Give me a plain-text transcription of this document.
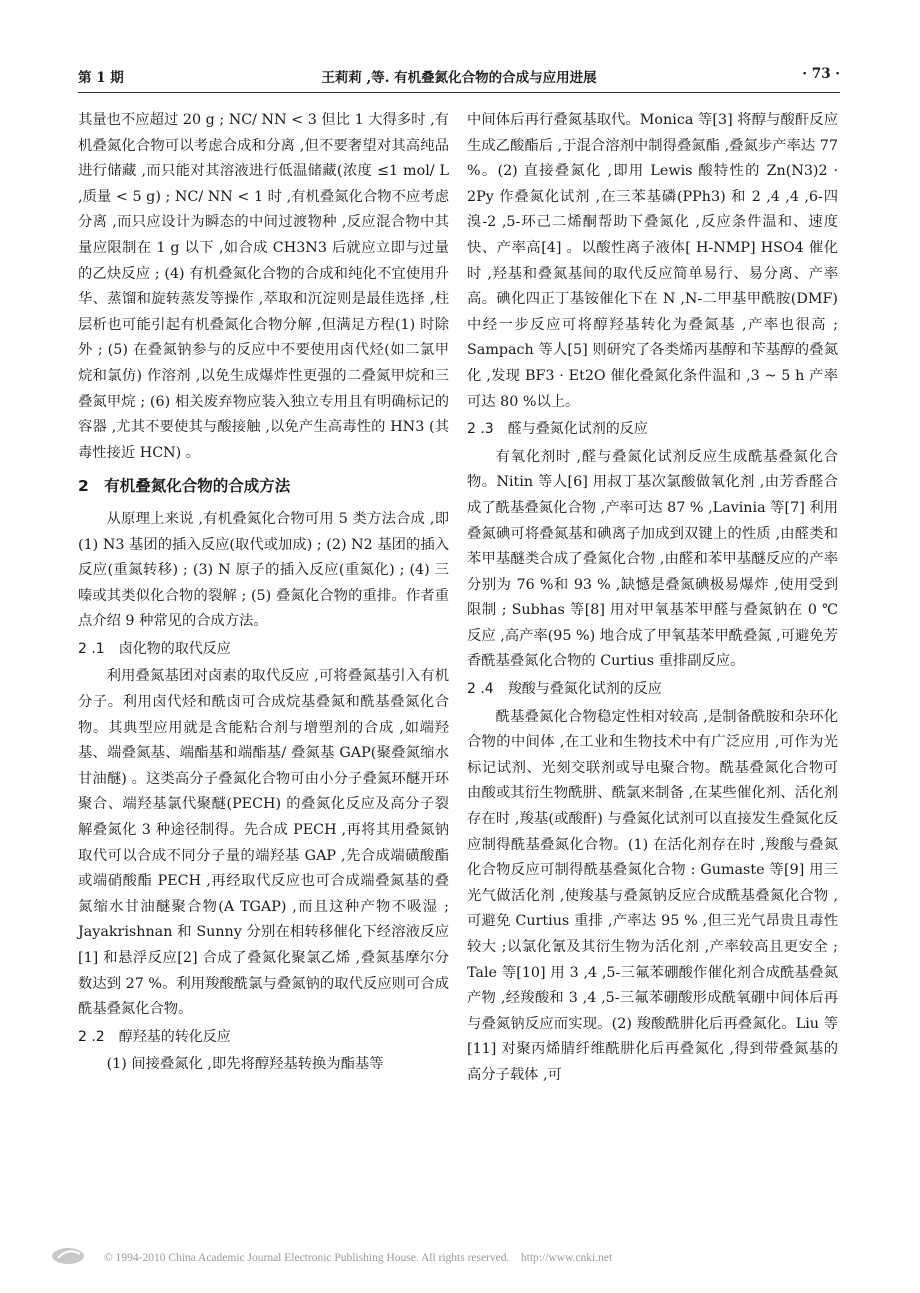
第 1 期	王莉莉 ,等. 有机叠氮化合物的合成与应用进展	· 73 ·

其量也不应超过 20 g ; NC/ NN < 3 但比 1 大得多时 ,有机叠氮化合物可以考虑合成和分离 ,但不要奢望对其高纯品进行储藏 ,而只能对其溶液进行低温储藏(浓度 ≤1 mol/ L ,质量 < 5 g) ; NC/ NN < 1 时 ,有机叠氮化合物不应考虑分离 ,而只应设计为瞬态的中间过渡物种 ,反应混合物中其量应限制在 1 g 以下 ,如合成 CH3N3 后就应立即与过量的乙炔反应 ; (4) 有机叠氮化合物的合成和纯化不宜使用升华、蒸馏和旋转蒸发等操作 ,萃取和沉淀则是最佳选择 ,柱层析也可能引起有机叠氮化合物分解 ,但满足方程(1) 时除外 ; (5) 在叠氮钠参与的反应中不要使用卤代烃(如二氯甲烷和氯仿) 作溶剂 ,以免生成爆炸性更强的二叠氮甲烷和三叠氮甲烷 ; (6) 相关废弃物应装入独立专用且有明确标记的容器 ,尤其不要使其与酸接触 ,以免产生高毒性的 HN3 (其毒性接近 HCN) 。

2　有机叠氮化合物的合成方法

从原理上来说 ,有机叠氮化合物可用 5 类方法合成 ,即(1) N3 基团的插入反应(取代或加成) ; (2) N2 基团的插入反应(重氮转移) ; (3) N 原子的插入反应(重氮化) ; (4) 三嗪或其类似化合物的裂解 ; (5) 叠氮化合物的重排。作者重点介绍 9 种常见的合成方法。

2 .1　卤化物的取代反应

利用叠氮基团对卤素的取代反应 ,可将叠氮基引入有机分子。利用卤代烃和酰卤可合成烷基叠氮和酰基叠氮化合物。其典型应用就是含能粘合剂与增塑剂的合成 ,如端羟基、端叠氮基、端酯基和端酯基/ 叠氮基 GAP(聚叠氮缩水甘油醚) 。这类高分子叠氮化合物可由小分子叠氮环醚开环聚合、端羟基氯代聚醚(PECH) 的叠氮化反应及高分子裂解叠氮化 3 种途径制得。先合成 PECH ,再将其用叠氮钠取代可以合成不同分子量的端羟基 GAP ,先合成端磺酸酯或端硝酸酯 PECH ,再经取代反应也可合成端叠氮基的叠氮缩水甘油醚聚合物(A TGAP) ,而且这种产物不吸湿 ; Jayakrishnan 和 Sunny 分别在相转移催化下经溶液反应[1] 和悬浮反应[2] 合成了叠氮化聚氯乙烯 ,叠氮基摩尔分数达到 27 %。利用羧酸酰氯与叠氮钠的取代反应则可合成酰基叠氮化合物。

2 .2　醇羟基的转化反应

(1) 间接叠氮化 ,即先将醇羟基转换为酯基等

中间体后再行叠氮基取代。Monica 等[3] 将醇与酸酐反应生成乙酸酯后 ,于混合溶剂中制得叠氮酯 ,叠氮步产率达 77 %。(2) 直接叠氮化 ,即用 Lewis 酸特性的 Zn(N3)2 · 2Py 作叠氮化试剂 ,在三苯基磷(PPh3) 和 2 ,4 ,4 ,6-四溴-2 ,5-环己二烯酮帮助下叠氮化 ,反应条件温和、速度快、产率高[4] 。以酸性离子液体[ H-NMP] HSO4 催化时 ,羟基和叠氮基间的取代反应简单易行、易分离、产率高。碘化四正丁基铵催化下在 N ,N-二甲基甲酰胺(DMF) 中经一步反应可将醇羟基转化为叠氮基 ,产率也很高 ; Sampach 等人[5] 则研究了各类烯丙基醇和苄基醇的叠氮化 ,发现 BF3 · Et2O 催化叠氮化条件温和 ,3 ~ 5 h 产率可达 80 %以上。

2 .3　醛与叠氮化试剂的反应

有氧化剂时 ,醛与叠氮化试剂反应生成酰基叠氮化合物。Nitin 等人[6] 用叔丁基次氯酸做氧化剂 ,由芳香醛合成了酰基叠氮化合物 ,产率可达 87 % ,Lavinia 等[7] 利用叠氮碘可将叠氮基和碘离子加成到双键上的性质 ,由醛类和苯甲基醚类合成了叠氮化合物 ,由醛和苯甲基醚反应的产率分别为 76 %和 93 % ,缺憾是叠氮碘极易爆炸 ,使用受到限制 ; Subhas 等[8] 用对甲氧基苯甲醛与叠氮钠在 0 ℃反应 ,高产率(95 %) 地合成了甲氧基苯甲酰叠氮 ,可避免芳香酰基叠氮化合物的 Curtius 重排副反应。

2 .4　羧酸与叠氮化试剂的反应

酰基叠氮化合物稳定性相对较高 ,是制备酰胺和杂环化合物的中间体 ,在工业和生物技术中有广泛应用 ,可作为光标记试剂、光刻交联剂或导电聚合物。酰基叠氮化合物可由酸或其衍生物酰肼、酰氯来制备 ,在某些催化剂、活化剂存在时 ,羧基(或酸酐) 与叠氮化试剂可以直接发生叠氮化反应制得酰基叠氮化合物。(1) 在活化剂存在时 ,羧酸与叠氮化合物反应可制得酰基叠氮化合物 : Gumaste 等[9] 用三光气做活化剂 ,使羧基与叠氮钠反应合成酰基叠氮化合物 ,可避免 Curtius 重排 ,产率达 95 % ,但三光气昂贵且毒性较大 ;以氯化氰及其衍生物为活化剂 ,产率较高且更安全 ; Tale 等[10] 用 3 ,4 ,5-三氟苯硼酸作催化剂合成酰基叠氮产物 ,经羧酸和 3 ,4 ,5-三氟苯硼酸形成酰氧硼中间体后再与叠氮钠反应而实现。(2) 羧酸酰肼化后再叠氮化。Liu 等[11] 对聚丙烯腈纤维酰肼化后再叠氮化 ,得到带叠氮基的高分子载体 ,可

© 1994-2010 China Academic Journal Electronic Publishing House. All rights reserved.　http://www.cnki.net
